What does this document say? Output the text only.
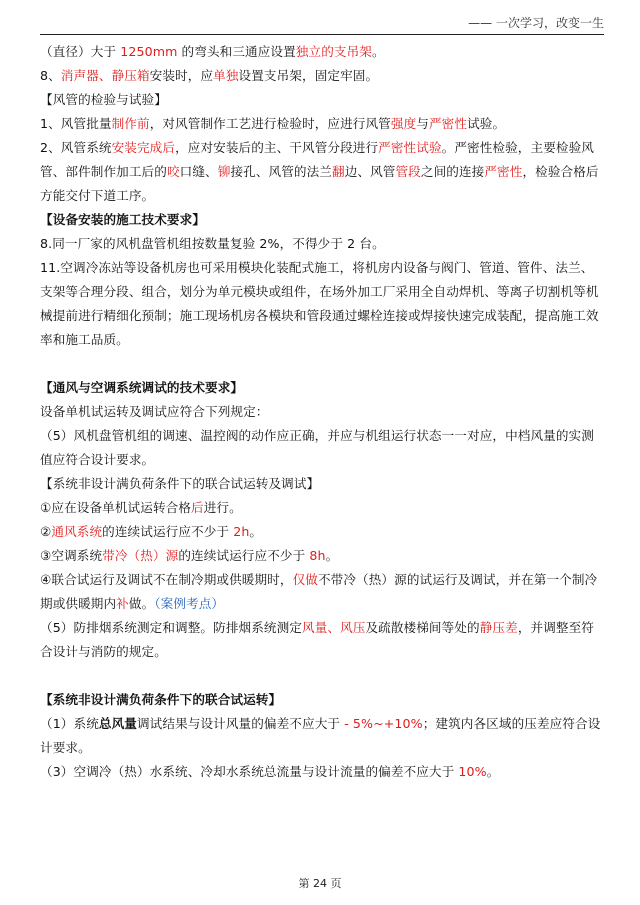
—— 一次学习，改变一生

（直径）大于 1250mm 的弯头和三通应设置独立的支吊架。

8、消声器、静压箱安装时，应单独设置支吊架，固定牢固。

【风管的检验与试验】

1、风管批量制作前，对风管制作工艺进行检验时，应进行风管强度与严密性试验。

2、风管系统安装完成后，应对安装后的主、干风管分段进行严密性试验。严密性检验，主要检验风管、部件制作加工后的咬口缝、铆接孔、风管的法兰翻边、风管管段之间的连接严密性，检验合格后方能交付下道工序。

【设备安装的施工技术要求】

8.同一厂家的风机盘管机组按数量复验 2%，不得少于 2 台。

11.空调冷冻站等设备机房也可采用模块化装配式施工，将机房内设备与阀门、管道、管件、法兰、支架等合理分段、组合，划分为单元模块或组件，在场外加工厂采用全自动焊机、等离子切割机等机械提前进行精细化预制；施工现场机房各模块和管段通过螺栓连接或焊接快速完成装配，提高施工效率和施工品质。

【通风与空调系统调试的技术要求】

设备单机试运转及调试应符合下列规定：

（5）风机盘管机组的调速、温控阀的动作应正确，并应与机组运行状态一一对应，中档风量的实测值应符合设计要求。

【系统非设计满负荷条件下的联合试运转及调试】

①应在设备单机试运转合格后进行。

②通风系统的连续试运行应不少于 2h。

③空调系统带冷（热）源的连续试运行应不少于 8h。

④联合试运行及调试不在制冷期或供暖期时，仅做不带冷（热）源的试运行及调试，并在第一个制冷期或供暖期内补做。（案例考点）

（5）防排烟系统测定和调整。防排烟系统测定风量、风压及疏散楼梯间等处的静压差，并调整至符合设计与消防的规定。

【系统非设计满负荷条件下的联合试运转】

（1）系统总风量调试结果与设计风量的偏差不应大于 - 5%~+10%；建筑内各区域的压差应符合设计要求。

（3）空调冷（热）水系统、冷却水系统总流量与设计流量的偏差不应大于 10%。

第 24 页
